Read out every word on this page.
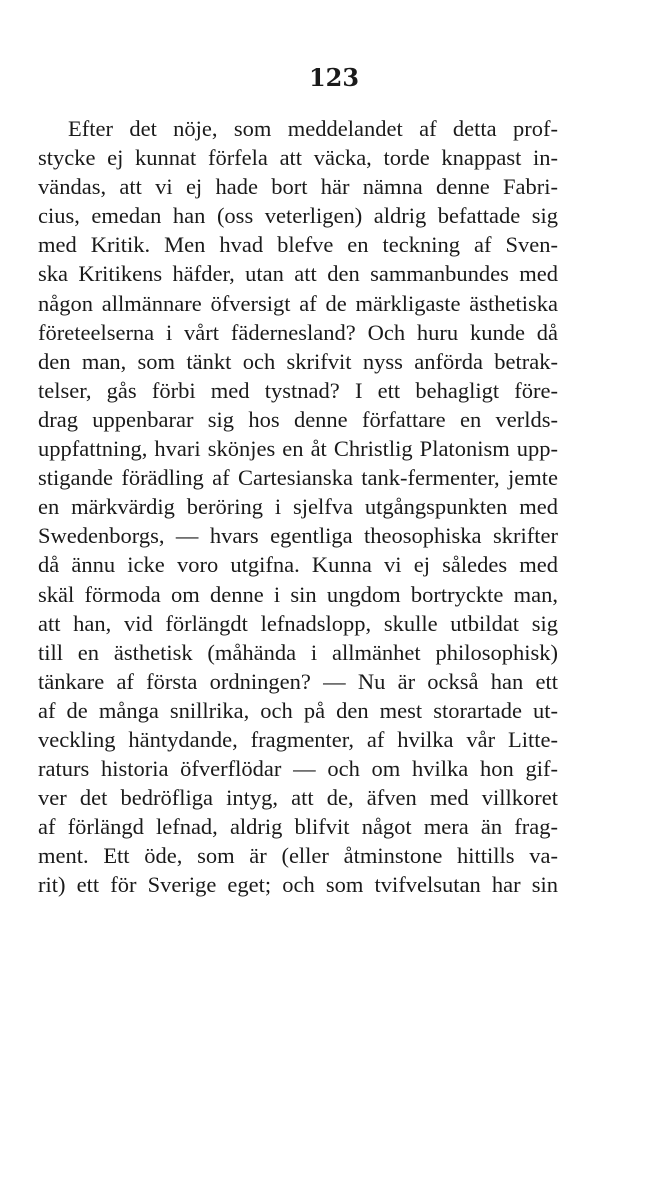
123
Efter det nöje, som meddelandet af detta prof-
stycke ej kunnat förfela att väcka, torde knappast in-
vändas, att vi ej hade bort här nämna denne Fabri-
cius, emedan han (oss veterligen) aldrig befattade sig
med Kritik. Men hvad blefve en teckning af Sven-
ska Kritikens häfder, utan att den sammanbundes med
någon allmännare öfversigt af de märkligaste ästhetiska
företeelserna i vårt fädernesland? Och huru kunde då
den man, som tänkt och skrifvit nyss anförda betrak-
telser, gås förbi med tystnad? I ett behagligt före-
drag uppenbarar sig hos denne författare en verlds-
uppfattning, hvari skönjes en åt Christlig Platonism upp-
stigande förädling af Cartesianska tank-fermenter, jemte
en märkvärdig beröring i sjelfva utgångspunkten med
Swedenborgs, — hvars egentliga theosophiska skrifter
då ännu icke voro utgifna. Kunna vi ej således med
skäl förmoda om denne i sin ungdom bortryckte man,
att han, vid förlängdt lefnadslopp, skulle utbildat sig
till en ästhetisk (måhända i allmänhet philosophisk)
tänkare af första ordningen? — Nu är också han ett
af de många snillrika, och på den mest storartade ut-
veckling häntydande, fragmenter, af hvilka vår Litte-
raturs historia öfverflödar — och om hvilka hon gif-
ver det bedröfliga intyg, att de, äfven med villkoret
af förlängd lefnad, aldrig blifvit något mera än frag-
ment. Ett öde, som är (eller åtminstone hittills va-
rit) ett för Sverige eget; och som tvifvelsutan har sin
